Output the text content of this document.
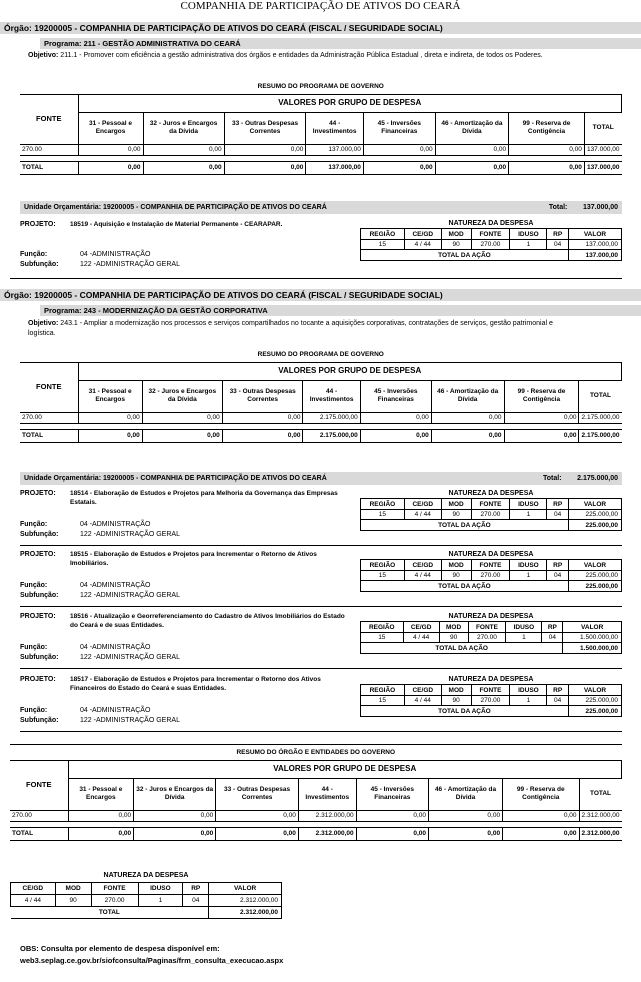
COMPANHIA DE PARTICIPAÇÃO DE ATIVOS DO CEARÁ
Órgão: 19200005 - COMPANHIA DE PARTICIPAÇÃO DE ATIVOS DO CEARÁ (FISCAL / SEGURIDADE SOCIAL)
Programa: 211 - GESTÃO ADMINISTRATIVA DO CEARÁ
Objetivo: 211.1 - Promover com eficiência a gestão administrativa dos órgãos e entidades da Administração Pública Estadual , direta e indireta, de todos os Poderes.
RESUMO DO PROGRAMA DE GOVERNO								
FONTE	VALORES POR GRUPO DE DESPESA							
	31 - Pessoal e Encargos	32 - Juros e Encargos da Dívida	33 - Outras Despesas Correntes	44 - Investimentos	45 - Inversões Financeiras	46 - Amortização da Dívida	99 - Reserva de Contigência	TOTAL
270.00	0,00	0,00	0,00	137.000,00	0,00	0,00	0,00	137.000,00

TOTAL	0,00	0,00	0,00	137.000,00	0,00	0,00	0,00	137.000,00
Unidade Orçamentária: 19200005 - COMPANHIA DE PARTICIPAÇÃO DE ATIVOS DO CEARÁ	Total: 137.000,00
PROJETO:	18519 - Aquisição e Instalação de Material Permanente - CEARAPAR.	NATUREZA DA DESPESA						
REGIÃO	CE/GD	MOD	FONTE	IDUSO	RP	VALOR
15	4 / 44	90	270.00	1	04	137.000,00
TOTAL DA AÇÃO						137.000,00
Função:	04 -ADMINISTRAÇÃO
Subfunção:	122 -ADMINISTRAÇÃO GERAL
Órgão: 19200005 - COMPANHIA DE PARTICIPAÇÃO DE ATIVOS DO CEARÁ (FISCAL / SEGURIDADE SOCIAL)
Programa: 243 - MODERNIZAÇÃO DA GESTÃO CORPORATIVA
Objetivo: 243.1 - Ampliar a modernização nos processos e serviços compartilhados no tocante a aquisições corporativas, contratações de serviços, gestão patrimonial e logística.
RESUMO DO PROGRAMA DE GOVERNO								
FONTE	VALORES POR GRUPO DE DESPESA							
	31 - Pessoal e Encargos	32 - Juros e Encargos da Dívida	33 - Outras Despesas Correntes	44 - Investimentos	45 - Inversões Financeiras	46 - Amortização da Dívida	99 - Reserva de Contigência	TOTAL
270.00	0,00	0,00	0,00	2.175.000,00	0,00	0,00	0,00	2.175.000,00

TOTAL	0,00	0,00	0,00	2.175.000,00	0,00	0,00	0,00	2.175.000,00
Unidade Orçamentária: 19200005 - COMPANHIA DE PARTICIPAÇÃO DE ATIVOS DO CEARÁ	Total: 2.175.000,00
PROJETO:	18514 - Elaboração de Estudos e Projetos para Melhoria da Governança das Empresas Estatais.
NATUREZA DA DESPESA						
REGIÃO	CE/GD	MOD	FONTE	IDUSO	RP	VALOR
15	4 / 44	90	270.00	1	04	225.000,00
TOTAL DA AÇÃO						225.000,00
Função:	04 -ADMINISTRAÇÃO
Subfunção:	122 -ADMINISTRAÇÃO GERAL
PROJETO:	18515 - Elaboração de Estudos e Projetos para Incrementar o Retorno de Ativos Imobiliários.
NATUREZA DA DESPESA						
REGIÃO	CE/GD	MOD	FONTE	IDUSO	RP	VALOR
15	4 / 44	90	270.00	1	04	225.000,00
TOTAL DA AÇÃO						225.000,00
Função:	04 -ADMINISTRAÇÃO
Subfunção:	122 -ADMINISTRAÇÃO GERAL
PROJETO:	18516 - Atualização e Georreferenciamento do Cadastro de Ativos Imobiliários do Estado do Ceará e de suas Entidades.
NATUREZA DA DESPESA						
REGIÃO	CE/GD	MOD	FONTE	IDUSO	RP	VALOR
15	4 / 44	90	270.00	1	04	1.500.000,00
TOTAL DA AÇÃO						1.500.000,00
Função:	04 -ADMINISTRAÇÃO
Subfunção:	122 -ADMINISTRAÇÃO GERAL
PROJETO:	18517 - Elaboração de Estudos e Projetos para Incrementar o Retorno dos Ativos Financeiros do Estado do Ceará e suas Entidades.
NATUREZA DA DESPESA						
REGIÃO	CE/GD	MOD	FONTE	IDUSO	RP	VALOR
15	4 / 44	90	270.00	1	04	225.000,00
TOTAL DA AÇÃO						225.000,00
Função:	04 -ADMINISTRAÇÃO
Subfunção:	122 -ADMINISTRAÇÃO GERAL
RESUMO DO ÓRGÃO E ENTIDADES DO GOVERNO								
FONTE	VALORES POR GRUPO DE DESPESA							
	31 - Pessoal e Encargos	32 - Juros e Encargos da Dívida	33 - Outras Despesas Correntes	44 - Investimentos	45 - Inversões Financeiras	46 - Amortização da Dívida	99 - Reserva de Contigência	TOTAL
270.00	0,00	0,00	0,00	2.312.000,00	0,00	0,00	0,00	2.312.000,00

TOTAL	0,00	0,00	0,00	2.312.000,00	0,00	0,00	0,00	2.312.000,00
NATUREZA DA DESPESA					
CE/GD	MOD	FONTE	IDUSO	RP	VALOR
4 / 44	90	270.00	1	04	2.312.000,00
TOTAL					2.312.000,00
OBS: Consulta por elemento de despesa disponível em:
web3.seplag.ce.gov.br/siofconsulta/Paginas/frm_consulta_execucao.aspx
